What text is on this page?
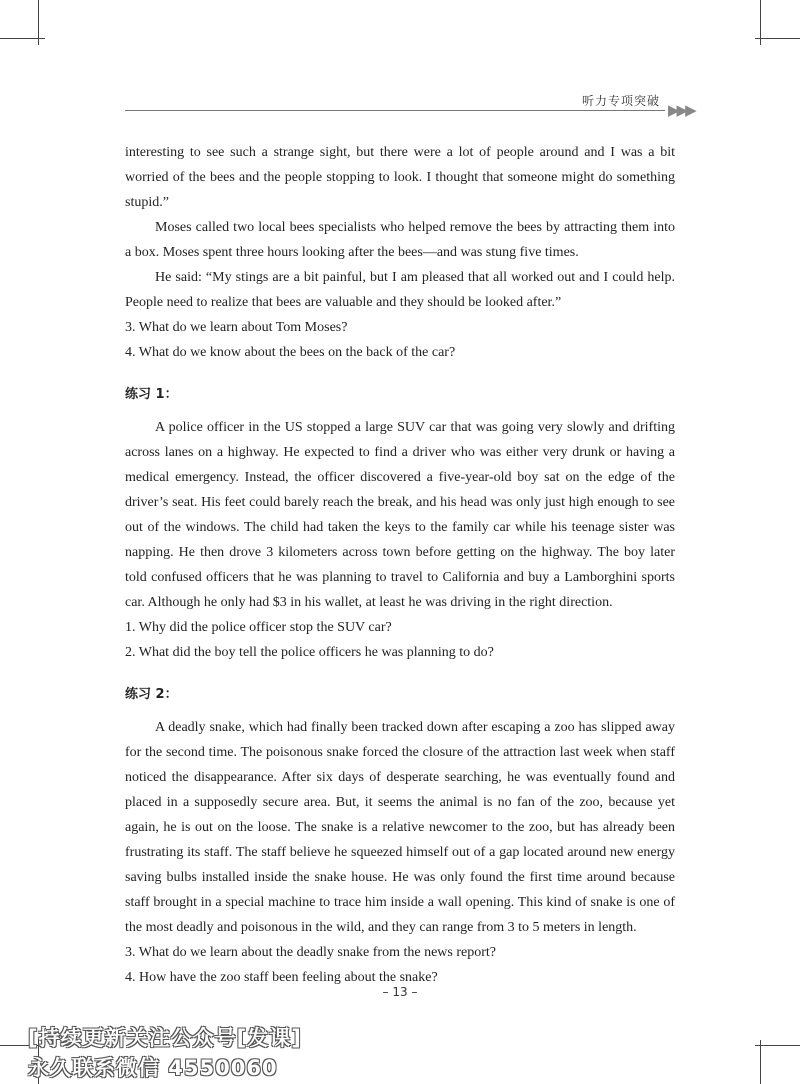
听力专项突破 ▶▶▶

interesting to see such a strange sight, but there were a lot of people around and I was a bit worried of the bees and the people stopping to look. I thought that someone might do something stupid.”

Moses called two local bees specialists who helped remove the bees by attracting them into a box. Moses spent three hours looking after the bees—and was stung five times.

He said: “My stings are a bit painful, but I am pleased that all worked out and I could help. People need to realize that bees are valuable and they should be looked after.”

3. What do we learn about Tom Moses?

4. What do we know about the bees on the back of the car?

练习 1：

A police officer in the US stopped a large SUV car that was going very slowly and drifting across lanes on a highway. He expected to find a driver who was either very drunk or having a medical emergency. Instead, the officer discovered a five-year-old boy sat on the edge of the driver’s seat. His feet could barely reach the break, and his head was only just high enough to see out of the windows. The child had taken the keys to the family car while his teenage sister was napping. He then drove 3 kilometers across town before getting on the highway. The boy later told confused officers that he was planning to travel to California and buy a Lamborghini sports car. Although he only had $3 in his wallet, at least he was driving in the right direction.

1. Why did the police officer stop the SUV car?

2. What did the boy tell the police officers he was planning to do?

练习 2：

A deadly snake, which had finally been tracked down after escaping a zoo has slipped away for the second time. The poisonous snake forced the closure of the attraction last week when staff noticed the disappearance. After six days of desperate searching, he was eventually found and placed in a supposedly secure area. But, it seems the animal is no fan of the zoo, because yet again, he is out on the loose. The snake is a relative newcomer to the zoo, but has already been frustrating its staff. The staff believe he squeezed himself out of a gap located around new energy saving bulbs installed inside the snake house. He was only found the first time around because staff brought in a special machine to trace him inside a wall opening. This kind of snake is one of the most deadly and poisonous in the wild, and they can range from 3 to 5 meters in length.

3. What do we learn about the deadly snake from the news report?

4. How have the zoo staff been feeling about the snake?

– 13 –
[持续更新关注公众号[发课]
永久联系微信 4550060
